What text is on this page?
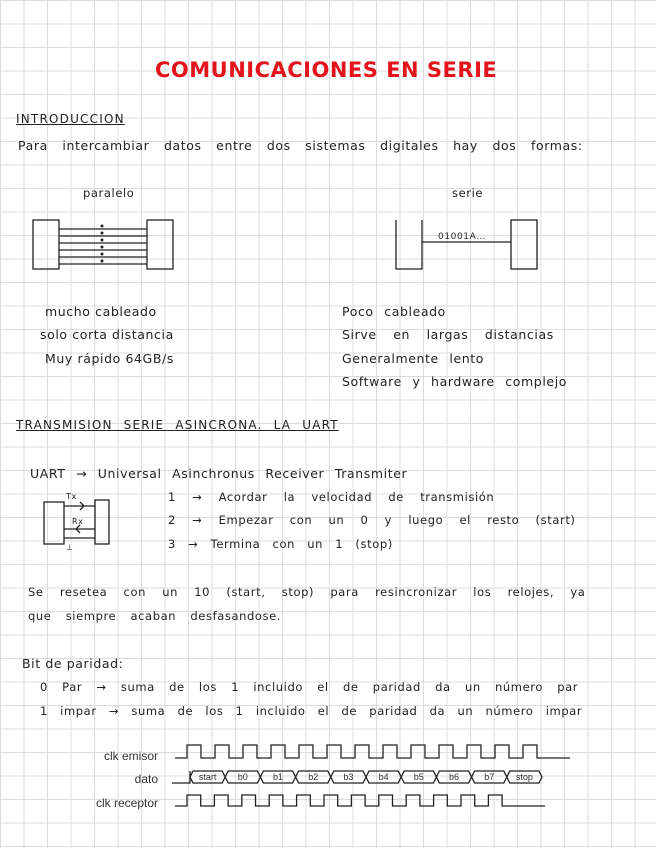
COMUNICACIONES EN SERIE
INTRODUCCION
Para intercambiar datos entre dos sistemas digitales hay dos formas:
paralelo	serie
01001A…
mucho cableado
solo corta distancia
Muy rápido 64GB/s
Poco cableado
Sirve en largas distancias
Generalmente lento
Software y hardware complejo
TRANSMISION SERIE ASINCRONA. LA UART
UART → Universal Asinchronus Receiver Transmiter
1 → Acordar la velocidad de transmisión
2 → Empezar con un 0 y luego el resto (start)
3 → Termina con un 1 (stop)
Tx
Rx
⊥
Se resetea con un 10 (start, stop) para resincronizar los relojes, ya
que siempre acaban desfasandose.
Bit de paridad:
0 Par → suma de los 1 incluido el de paridad da un número par
1 impar → suma de los 1 incluido el de paridad da un número impar
clk emisor
dato
clk receptor
start b0	b1	b2	b3	b4	b5	b6	b7 stop
